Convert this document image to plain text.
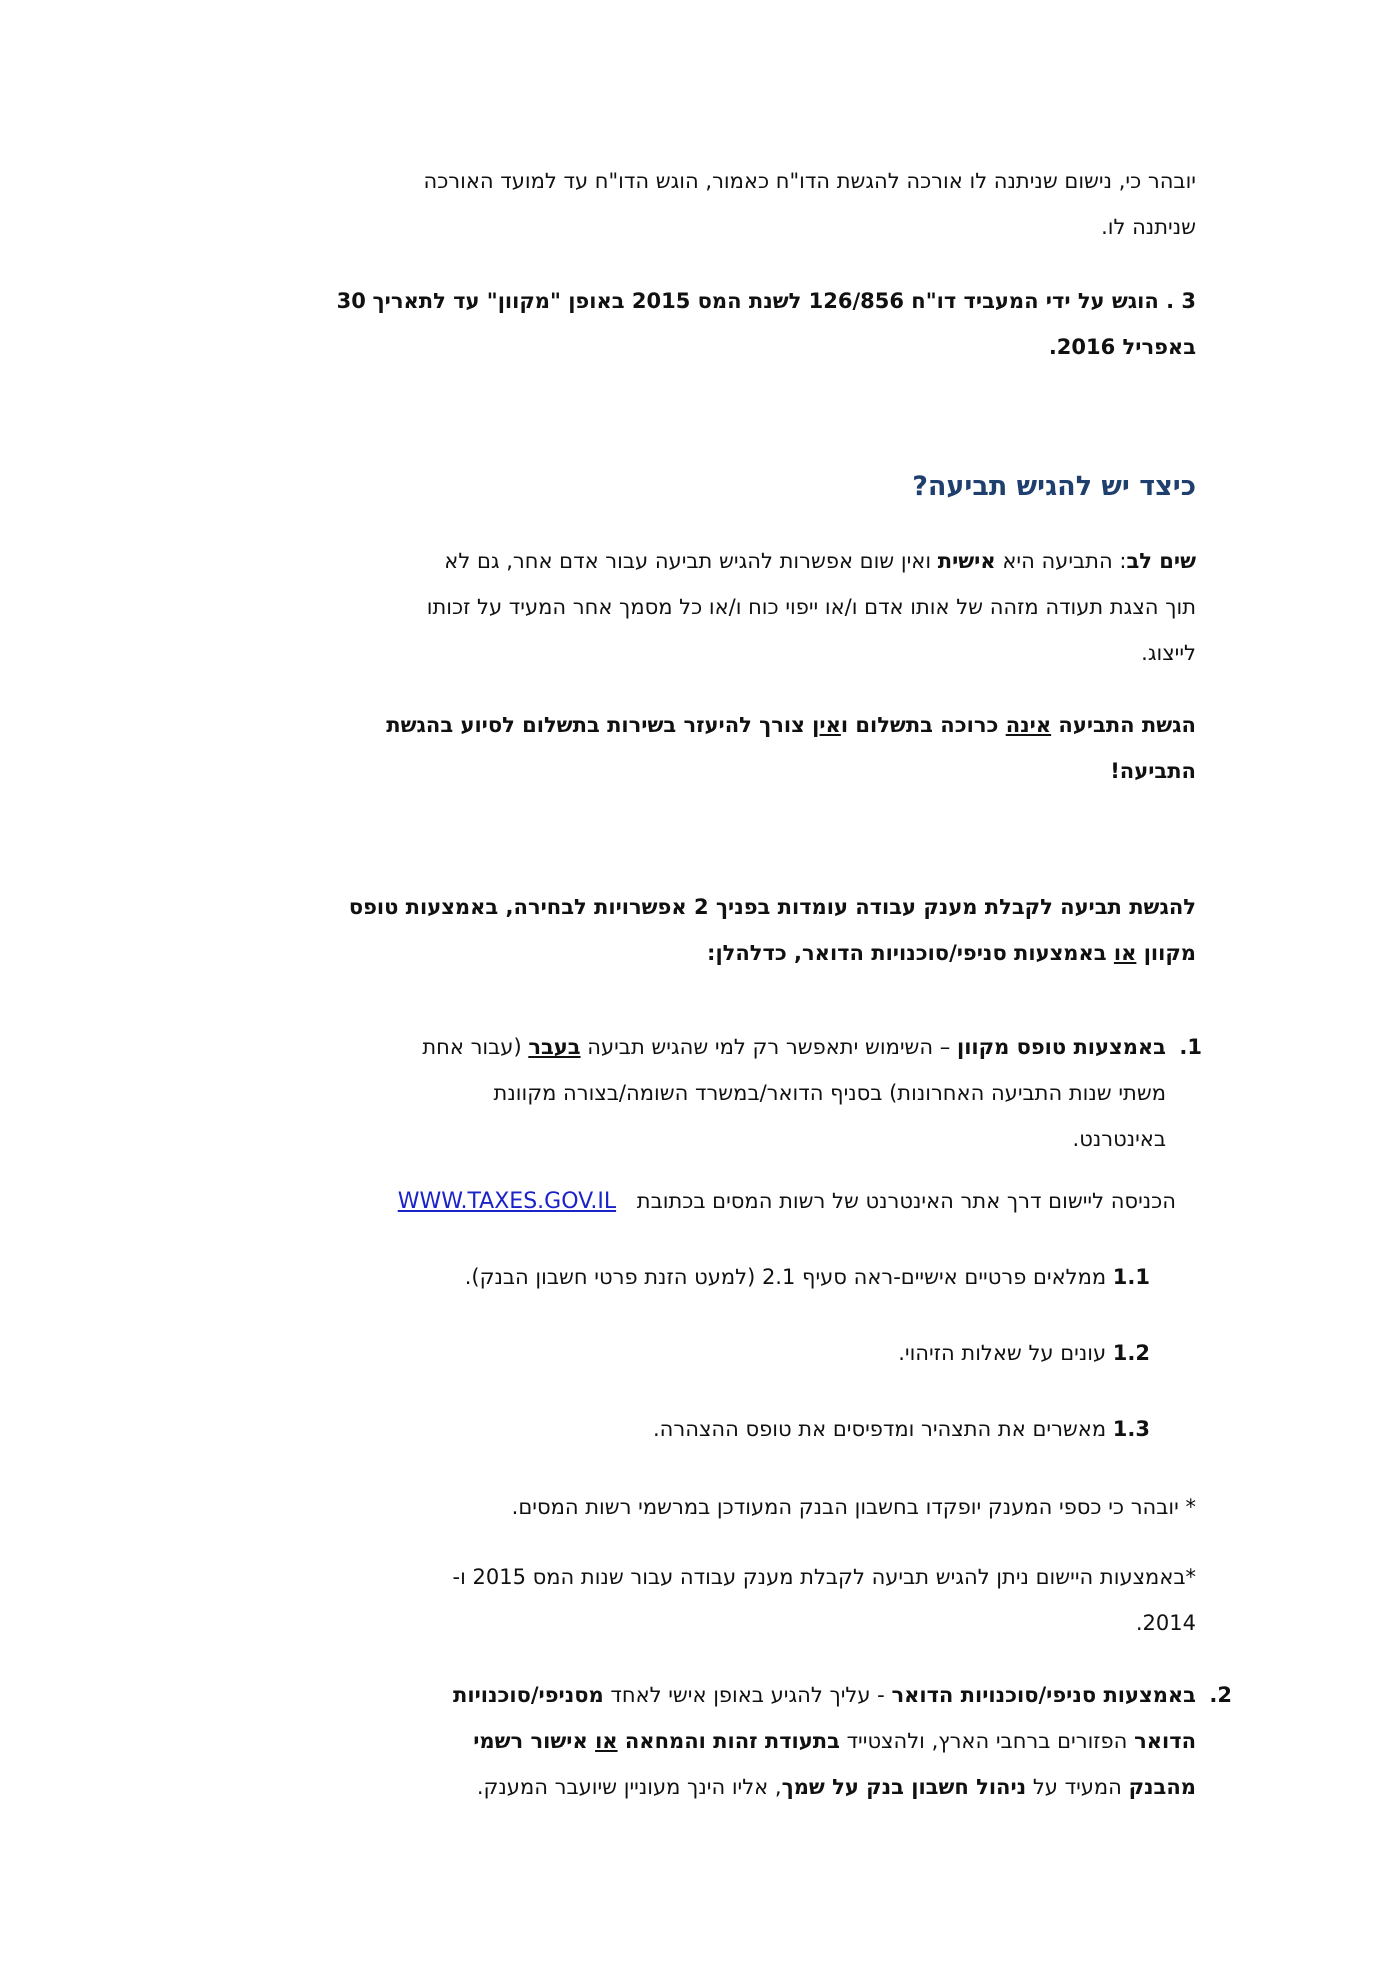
יובהר כי, נישום שניתנה לו אורכה להגשת הדו"ח כאמור, הוגש הדו"ח עד למועד האורכה
שניתנה לו.
3 . הוגש על ידי המעביד דו"ח 126/856 לשנת המס 2015 באופן "מקוון" עד לתאריך 30
באפריל 2016.
כיצד יש להגיש תביעה?
שים לב: התביעה היא אישית ואין שום אפשרות להגיש תביעה עבור אדם אחר, גם לא
תוך הצגת תעודה מזהה של אותו אדם ו/או ייפוי כוח ו/או כל מסמך אחר המעיד על זכותו
לייצוג.
הגשת התביעה אינה כרוכה בתשלום ואין צורך להיעזר בשירות בתשלום לסיוע בהגשת
התביעה!
להגשת תביעה לקבלת מענק עבודה עומדות בפניך 2 אפשרויות לבחירה, באמצעות טופס
מקוון או באמצעות סניפי/סוכנויות הדואר, כדלהלן:
1.
באמצעות טופס מקוון – השימוש יתאפשר רק למי שהגיש תביעה בעבר (עבור אחת
משתי שנות התביעה האחרונות) בסניף הדואר/במשרד השומה/בצורה מקוונת
באינטרנט.
הכניסה ליישום דרך אתר האינטרנט של רשות המסים בכתובת WWW.TAXES.GOV.IL
1.1 ממלאים פרטיים אישיים-ראה סעיף 2.1 (למעט הזנת פרטי חשבון הבנק).
1.2 עונים על שאלות הזיהוי.
1.3 מאשרים את התצהיר ומדפיסים את טופס ההצהרה.
* יובהר כי כספי המענק יופקדו בחשבון הבנק המעודכן במרשמי רשות המסים.
*באמצעות היישום ניתן להגיש תביעה לקבלת מענק עבודה עבור שנות המס 2015 ו-
2014.
2.
באמצעות סניפי/סוכנויות הדואר - עליך להגיע באופן אישי לאחד מסניפי/סוכנויות
הדואר הפזורים ברחבי הארץ, ולהצטייד בתעודת זהות והמחאה או אישור רשמי
מהבנק המעיד על ניהול חשבון בנק על שמך, אליו הינך מעוניין שיועבר המענק.
